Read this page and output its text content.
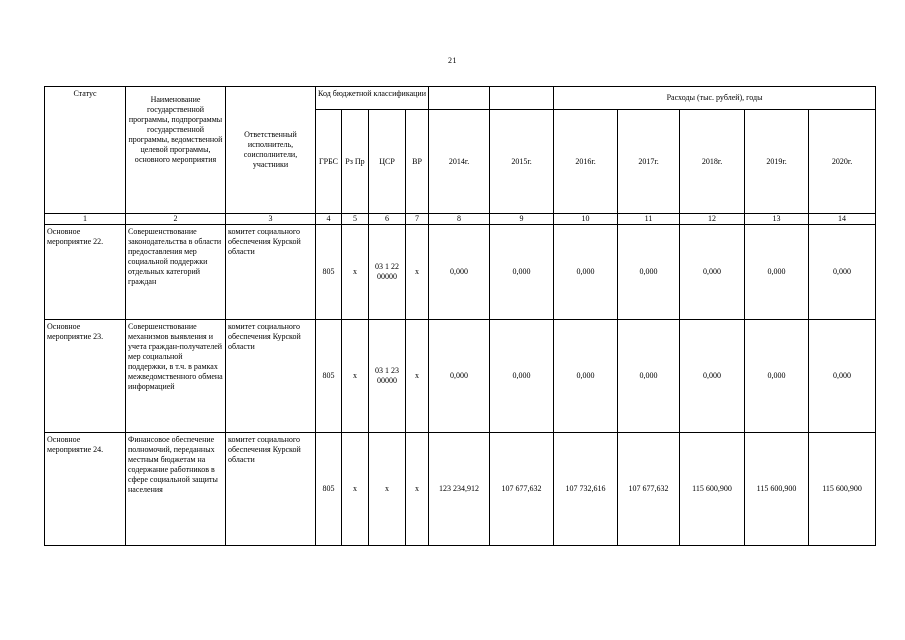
21
Статус	Наименование государственной программы, подпрограммы государственной программы, ведомственной целевой программы, основного мероприятия	Ответственный исполнитель, соисполнители, участники	Код бюджетной классификации						Расходы (тыс. рублей), годы				
			ГРБС	Рз Пр	ЦСР	ВР	2014г.	2015г.	2016г.	2017г.	2018г.	2019г.	2020г.
1	2	3	4	5	6	7	8	9	10	11	12	13	14
Основное мероприятие 22.	Совершенствование законодательства в области предоставления мер социальной поддержки отдельных категорий граждан	комитет социального обеспечения Курской области	805	х	03 1 22 00000	х	0,000	0,000	0,000	0,000	0,000	0,000	0,000
Основное мероприятие 23.	Совершенствование механизмов выявления и учета граждан-получателей мер социальной поддержки, в т.ч. в рамках межведомственного обмена информацией	комитет социального обеспечения Курской области	805	х	03 1 23 00000	х	0,000	0,000	0,000	0,000	0,000	0,000	0,000
Основное мероприятие 24.	Финансовое обеспечение полномочий, переданных местным бюджетам на содержание работников в сфере социальной защиты населения	комитет социального обеспечения Курской области	805	х	х	х	123 234,912	107 677,632	107 732,616	107 677,632	115 600,900	115 600,900	115 600,900
